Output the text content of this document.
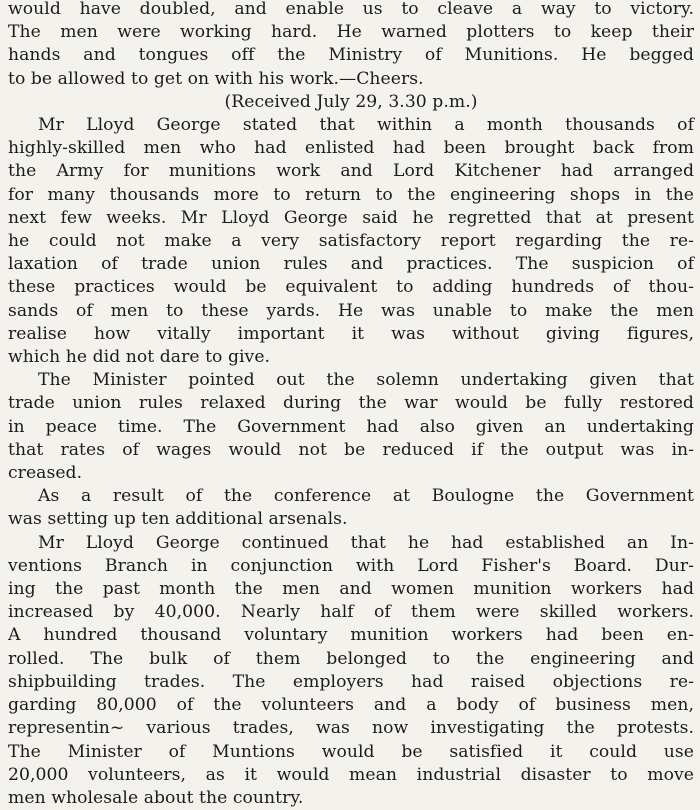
would have doubled, and enable us to cleave a way to victory.
The men were working hard. He warned plotters to keep their
hands and tongues off the Ministry of Munitions. He begged
to be allowed to get on with his work.—Cheers.

(Received July 29, 3.30 p.m.)

Mr Lloyd George stated that within a month thousands of
highly-skilled men who had enlisted had been brought back from
the Army for munitions work and Lord Kitchener had arranged
for many thousands more to return to the engineering shops in the
next few weeks. Mr Lloyd George said he regretted that at present
he could not make a very satisfactory report regarding the re-
laxation of trade union rules and practices. The suspicion of
these practices would be equivalent to adding hundreds of thou-
sands of men to these yards. He was unable to make the men
realise how vitally important it was without giving figures,
which he did not dare to give.

The Minister pointed out the solemn undertaking given that
trade union rules relaxed during the war would be fully restored
in peace time. The Government had also given an undertaking
that rates of wages would not be reduced if the output was in-
creased.

As a result of the conference at Boulogne the Government
was setting up ten additional arsenals.

Mr Lloyd George continued that he had established an In-
ventions Branch in conjunction with Lord Fisher's Board. Dur-
ing the past month the men and women munition workers had
increased by 40,000. Nearly half of them were skilled workers.
A hundred thousand voluntary munition workers had been en-
rolled. The bulk of them belonged to the engineering and
shipbuilding trades. The employers had raised objections re-
garding 80,000 of the volunteers and a body of business men,
representin~ various trades, was now investigating the protests.
The Minister of Muntions would be satisfied it could use
20,000 volunteers, as it would mean industrial disaster to move
men wholesale about the country.
